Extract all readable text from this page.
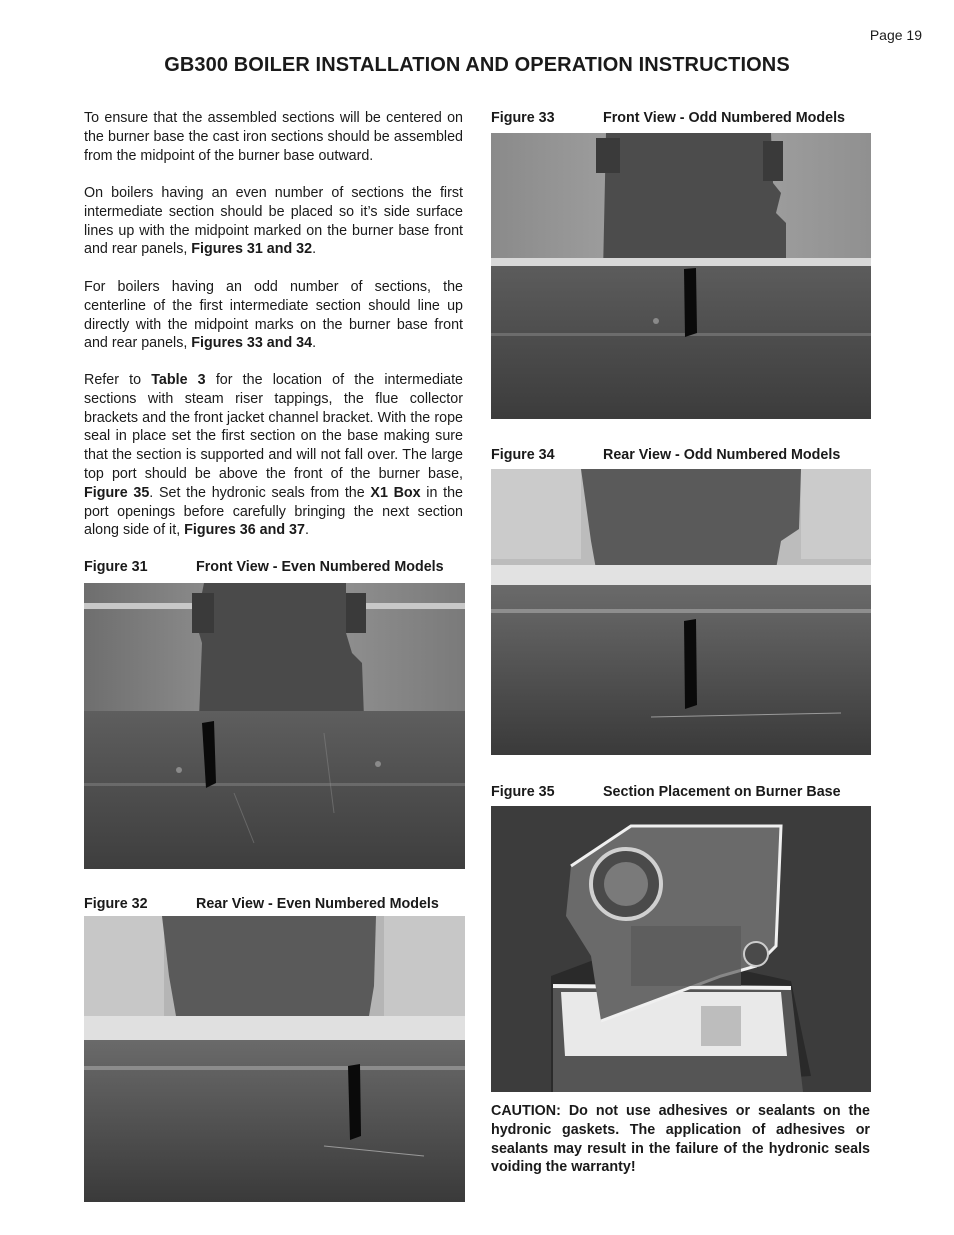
Page 19
GB300 BOILER INSTALLATION AND OPERATION INSTRUCTIONS

To ensure that the assembled sections will be centered on the burner base the cast iron sections should be assembled from the midpoint of the burner base outward.

On boilers having an even number of sections the first intermediate section should be placed so it’s side surface lines up with the midpoint marked on the burner base front and rear panels, Figures 31 and 32.

For boilers having an odd number of sections, the centerline of the first intermediate section should line up directly with the midpoint marks on the burner base front and rear panels, Figures 33 and 34.

Refer to Table 3 for the location of the intermediate sections with steam riser tappings, the flue collector brackets and the front jacket channel bracket. With the rope seal in place set the first section on the base making sure that the section is supported and will not fall over. The large top port should be above the front of the burner base, Figure 35. Set the hydronic seals from the X1 Box in the port openings before carefully bringing the next section along side of it, Figures 36 and 37.

Figure 31	Front View - Even Numbered Models
Figure 32	Rear View - Even Numbered Models
Figure 33	Front View - Odd Numbered Models
Figure 34	Rear View - Odd Numbered Models
Figure 35	Section Placement on Burner Base

CAUTION: Do not use adhesives or sealants on the hydronic gaskets. The application of adhesives or sealants may result in the failure of the hydronic seals voiding the warranty!
